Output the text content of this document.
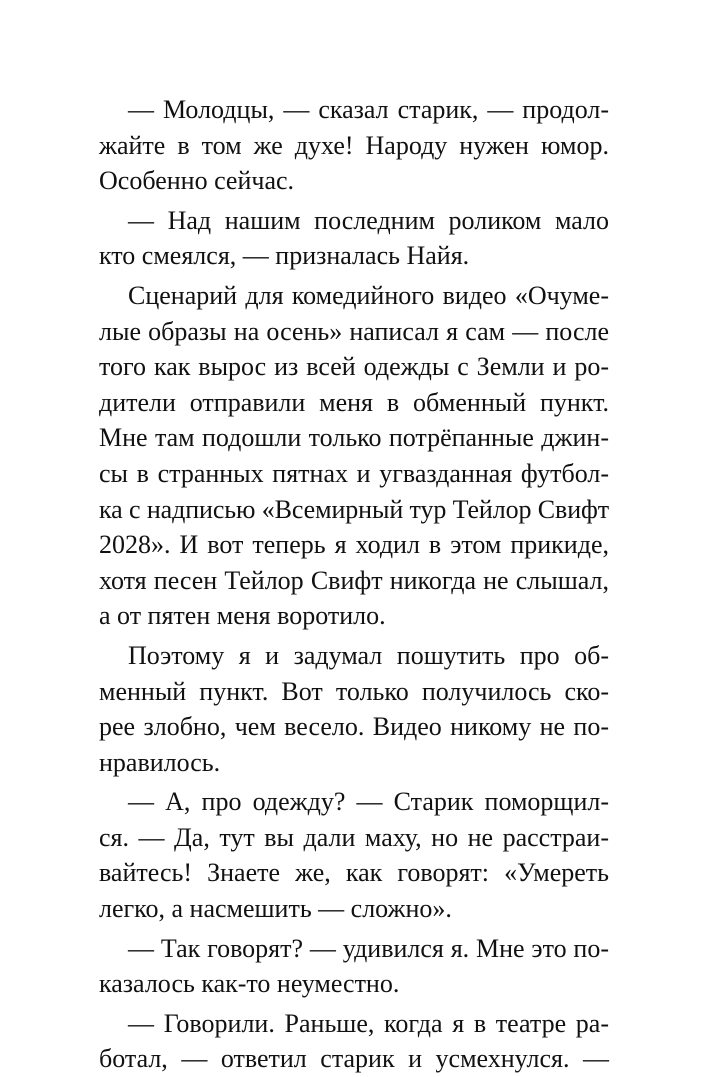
— Молодцы, — сказал старик, — продол-
жайте в том же духе! Народу нужен юмор.
Особенно сейчас.
— Над нашим последним роликом мало
кто смеялся, — призналась Найя.
Сценарий для комедийного видео «Очуме-
лые образы на осень» написал я сам — после
того как вырос из всей одежды с Земли и ро-
дители отправили меня в обменный пункт.
Мне там подошли только потрёпанные джин-
сы в странных пятнах и угвазданная футбол-
ка с надписью «Всемирный тур Тейлор Свифт
2028». И вот теперь я ходил в этом прикиде,
хотя песен Тейлор Свифт никогда не слышал,
а от пятен меня воротило.
Поэтому я и задумал пошутить про об-
менный пункт. Вот только получилось ско-
рее злобно, чем весело. Видео никому не по-
нравилось.
— А, про одежду? — Старик поморщил-
ся. — Да, тут вы дали маху, но не расстраи-
вайтесь! Знаете же, как говорят: «Умереть
легко, а насмешить — сложно».
— Так говорят? — удивился я. Мне это по-
казалось как-то неуместно.
— Говорили. Раньше, когда я в театре ра-
ботал, — ответил старик и усмехнулся. —
